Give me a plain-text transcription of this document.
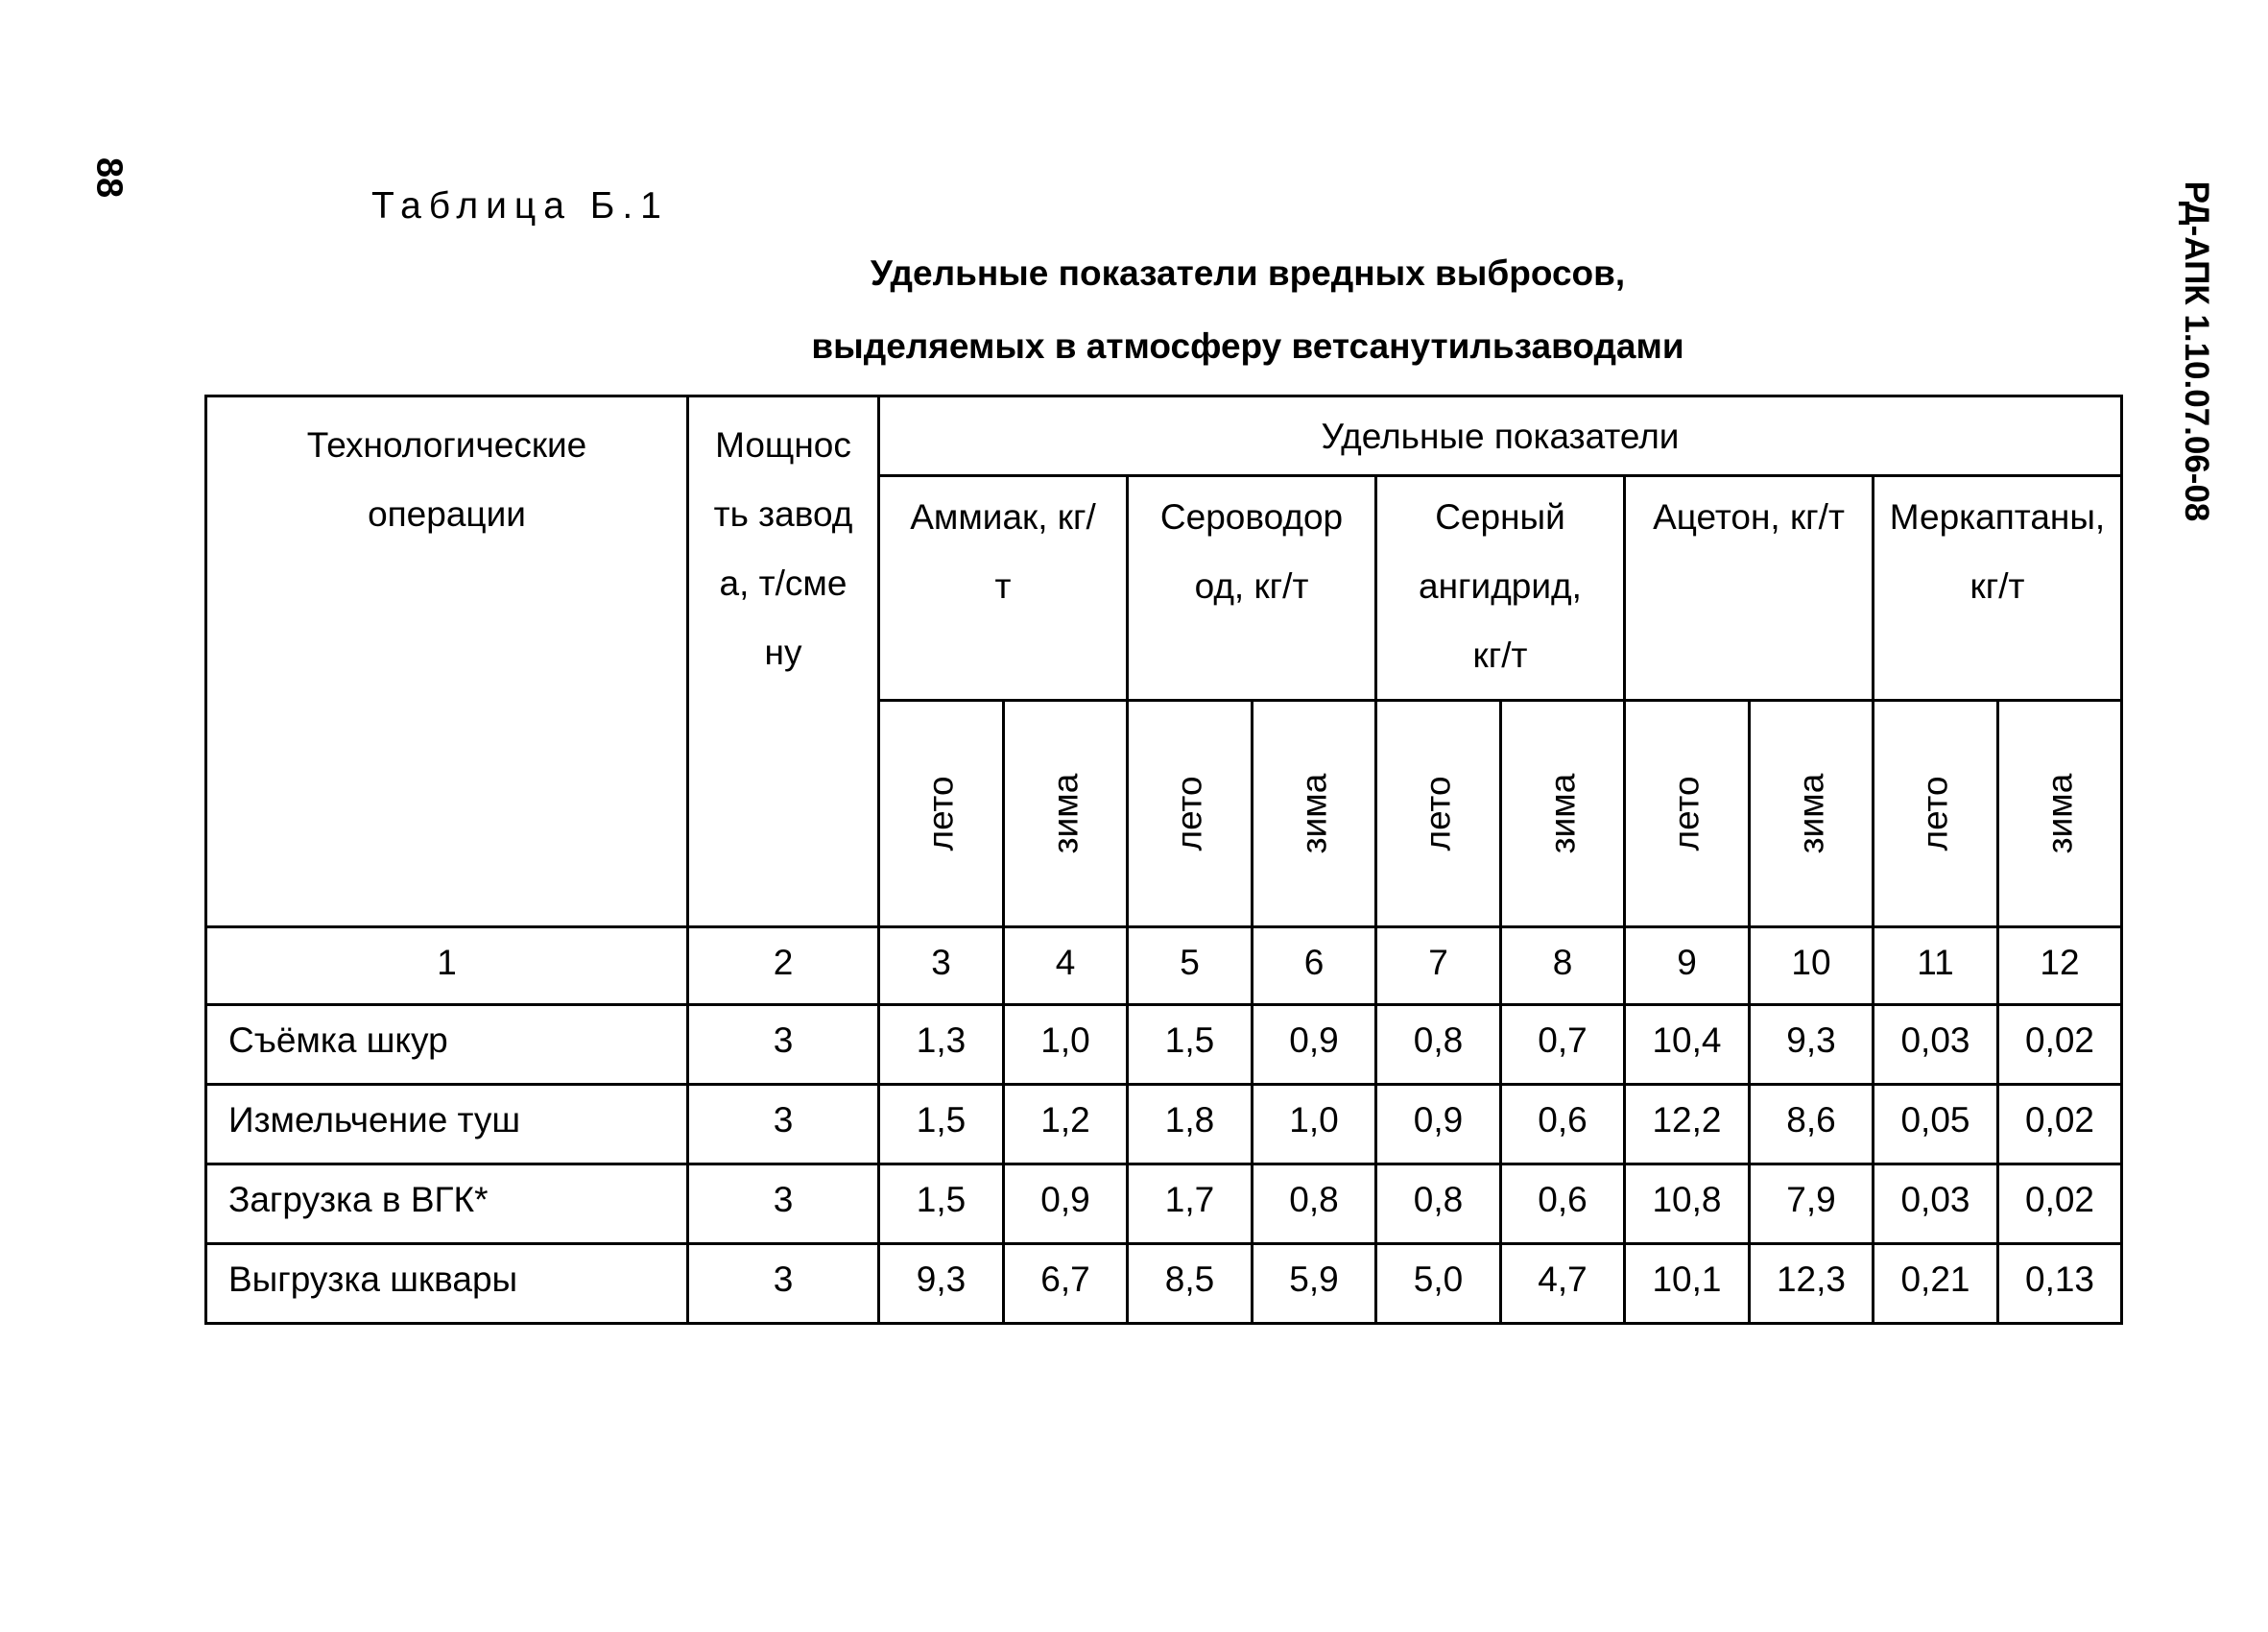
88
РД-АПК 1.10.07.06-08
Таблица Б.1
Удельные показатели вредных выбросов,
выделяемых в атмосферу ветсанутильзаводами
Технологические операции	Мощность завода, т/смену	Удельные показатели									

		Аммиак, кг/т		Сероводород, кг/т		Серный ангидрид, кг/т		Ацетон, кг/т		Меркаптаны, кг/т	

		лето	зима	лето	зима	лето	зима	лето	зима	лето	зима
1	2	3	4	5	6	7	8	9	10	11	12
Съёмка шкур	3	1,3	1,0	1,5	0,9	0,8	0,7	10,4	9,3	0,03	0,02
Измельчение туш	3	1,5	1,2	1,8	1,0	0,9	0,6	12,2	8,6	0,05	0,02
Загрузка в ВГК*	3	1,5	0,9	1,7	0,8	0,8	0,6	10,8	7,9	0,03	0,02
Выгрузка шквары	3	9,3	6,7	8,5	5,9	5,0	4,7	10,1	12,3	0,21	0,13
